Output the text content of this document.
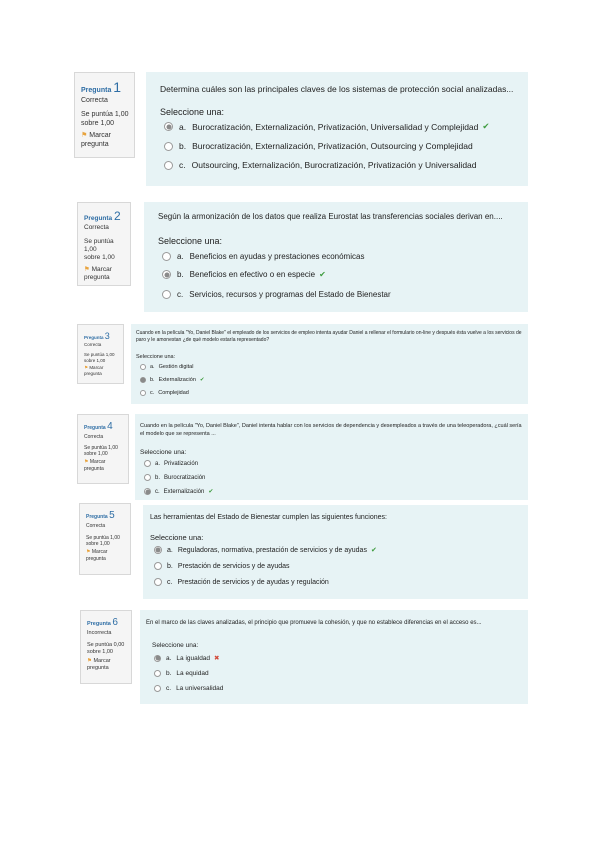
Pregunta 1
Correcta
Se puntúa 1,00
sobre 1,00
⚑ Marcar
pregunta
Determina cuáles son las principales claves de los sistemas de protección social analizadas...
Seleccione una:
a. Burocratización, Externalización, Privatización, Universalidad y Complejidad ✔
b. Burocratización, Externalización, Privatización, Outsourcing y Complejidad
c. Outsourcing, Externalización, Burocratización, Privatización y Universalidad
Pregunta 2
Correcta
Se puntúa 1,00
sobre 1,00
⚑ Marcar
pregunta
Según la armonización de los datos que realiza Eurostat las transferencias sociales derivan en....
Seleccione una:
a. Beneficios en ayudas y prestaciones económicas
b. Beneficios en efectivo o en especie ✔
c. Servicios, recursos y programas del Estado de Bienestar
Pregunta 3
Correcta
Se puntúa 1,00
sobre 1,00
⚑ Marcar
pregunta
Cuando en la película "Yo, Daniel Blake" el empleado de los servicios de empleo intenta ayudar Daniel a rellenar el formulario on-line y después ésta vuelve a los servicios de paro y le amonestan ¿de qué modelo estaría representado?
Seleccione una:
a. Gestión digital
b. Externalización ✔
c. Complejidad
Pregunta 4
Correcta
Se puntúa 1,00
sobre 1,00
⚑ Marcar
pregunta
Cuando en la película "Yo, Daniel Blake", Daniel intenta hablar con los servicios de dependencia y desempleados a través de una teleoperadora, ¿cuál sería el modelo que se representa ...
Seleccione una:
a. Privatización
b. Burocratización
c. Externalización ✔
Pregunta 5
Correcta
Se puntúa 1,00
sobre 1,00
⚑ Marcar
pregunta
Las herramientas del Estado de Bienestar cumplen las siguientes funciones:
Seleccione una:
a. Reguladoras, normativa, prestación de servicios y de ayudas ✔
b. Prestación de servicios y de ayudas
c. Prestación de servicios y de ayudas y regulación
Pregunta 6
Incorrecta
Se puntúa 0,00
sobre 1,00
⚑ Marcar
pregunta
En el marco de las claves analizadas, el principio que promueve la cohesión, y que no establece diferencias en el acceso es...
Seleccione una:
a. La igualdad ✖
b. La equidad
c. La universalidad
